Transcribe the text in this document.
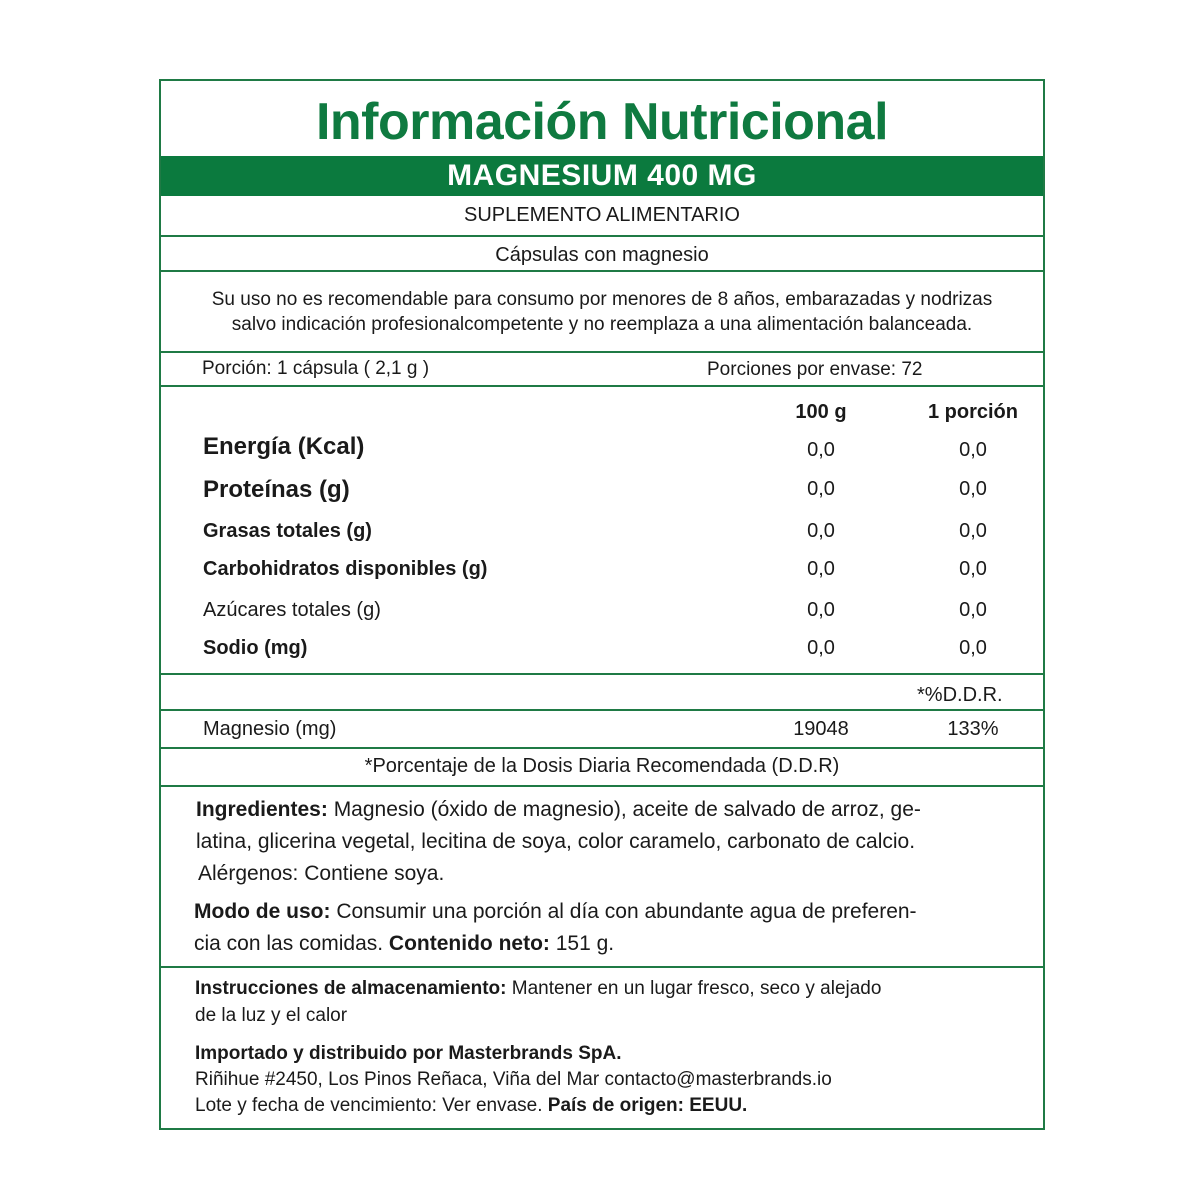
Información Nutricional
MAGNESIUM 400 MG
SUPLEMENTO ALIMENTARIO
Cápsulas con magnesio
Su uso no es recomendable para consumo por menores de 8 años, embarazadas y nodrizas
salvo indicación profesionalcompetente y no reemplaza a una alimentación balanceada.
Porción: 1 cápsula ( 2,1 g )	Porciones por envase: 72
100 g	1 porción
Energía (Kcal)	0,0	0,0
Proteínas (g)	0,0	0,0
Grasas totales (g)	0,0	0,0
Carbohidratos disponibles (g)	0,0	0,0
Azúcares totales (g)	0,0	0,0
Sodio (mg)	0,0	0,0
*%D.D.R.
Magnesio (mg)	19048	133%
*Porcentaje de la Dosis Diaria Recomendada (D.D.R)
Ingredientes: Magnesio (óxido de magnesio), aceite de salvado de arroz, ge-
latina, glicerina vegetal, lecitina de soya, color caramelo, carbonato de calcio.
Alérgenos: Contiene soya.
Modo de uso: Consumir una porción al día con abundante agua de preferen-
cia con las comidas. Contenido neto: 151 g.
Instrucciones de almacenamiento: Mantener en un lugar fresco, seco y alejado
de la luz y el calor
Importado y distribuido por Masterbrands SpA.
Riñihue #2450, Los Pinos Reñaca, Viña del Mar contacto@masterbrands.io
Lote y fecha de vencimiento: Ver envase. País de origen: EEUU.
